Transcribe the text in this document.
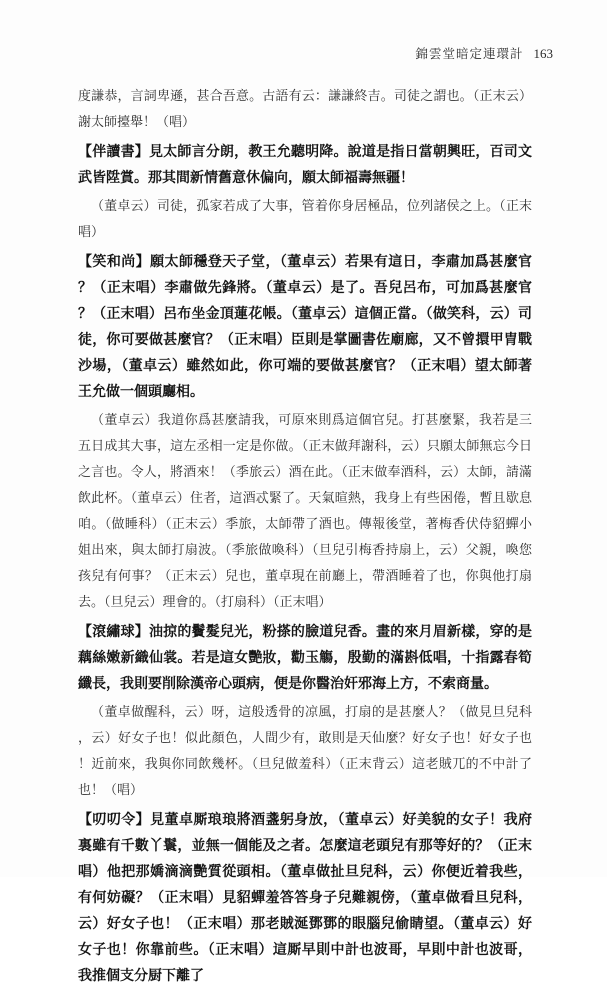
錦雲堂暗定連環計 163

度謙恭，言詞卑遜，甚合吾意。古語有云：謙謙終吉。司徒之謂也。（正末云）謝太師擡舉！（唱）

【伴讀書】見太師言分朗，教王允聽明降。說道是指日當朝興旺，百司文武皆陞賞。那其間新情舊意休偏向，願太師福壽無疆！

（董卓云）司徒，孤家若成了大事，管着你身居極品，位列諸侯之上。（正末唱）

【笑和尚】願太師穩登天子堂，（董卓云）若果有這日，李肅加爲甚麼官？（正末唱）李肅做先鋒將。（董卓云）是了。吾兒呂布，可加爲甚麼官？（正末唱）呂布坐金頂蓮花帳。（董卓云）這個正當。（做笑科，云）司徒，你可要做甚麼官？（正末唱）臣則是掌圖書佐廟廊，又不曾擐甲胄戰沙場，（董卓云）雖然如此，你可端的要做甚麼官？（正末唱）望太師著王允做一個頭廳相。

（董卓云）我道你爲甚麼請我，可原來則爲這個官兒。打甚麼緊，我若是三五日成其大事，這左丞相一定是你做。（正末做拜謝科，云）只願太師無忘今日之言也。令人，將酒來！（季旅云）酒在此。（正末做奉酒科，云）太師，請滿飲此杯。（董卓云）住者，這酒忒緊了。天氣暄熱，我身上有些困倦，暫且歇息咱。（做睡科）（正末云）季旅，太師帶了酒也。傳報後堂，著梅香伏侍貂蟬小姐出來，與太師打扇波。（季旅做喚科）（旦兒引梅香持扇上，云）父親，喚您孩兒有何事？（正末云）兒也，董卓現在前廳上，帶酒睡着了也，你與他打扇去。（旦兒云）理會的。（打扇科）（正末唱）

【滾繡球】油掠的鬢髮兒光，粉搽的臉道兒香。畫的來月眉新樣，穿的是藕絲嫩新織仙裳。若是這女艷妝，勸玉觴，殷勤的滿斟低唱，十指露春筍纖長，我則要削除漢帝心頭病，便是你醫治奸邪海上方，不索商量。

（董卓做醒科，云）呀，這般透骨的凉風，打扇的是甚麼人？（做見旦兒科，云）好女子也！似此顏色，人間少有，敢則是天仙麼？好女子也！好女子也！近前來，我與你同飲幾杯。（旦兒做羞科）（正末背云）這老賊兀的不中計了也！（唱）

【叨叨令】見董卓厮琅琅將酒盞躬身放，（董卓云）好美貌的女子！我府裏雖有千數丫鬟，並無一個能及之者。怎麼這老頭兒有那等好的？（正末唱）他把那嬌滴滴艷質從頭相。（董卓做扯旦兒科，云）你便近着我些，有何妨礙？（正末唱）見貂蟬羞答答身子兒難親傍，（董卓做看旦兒科，云）好女子也！（正末唱）那老賊涎鄧鄧的眼腦兒偷睛望。（董卓云）好女子也！你靠前些。（正末唱）這厮早則中計也波哥，早則中計也波哥，我推個支分厨下離了
